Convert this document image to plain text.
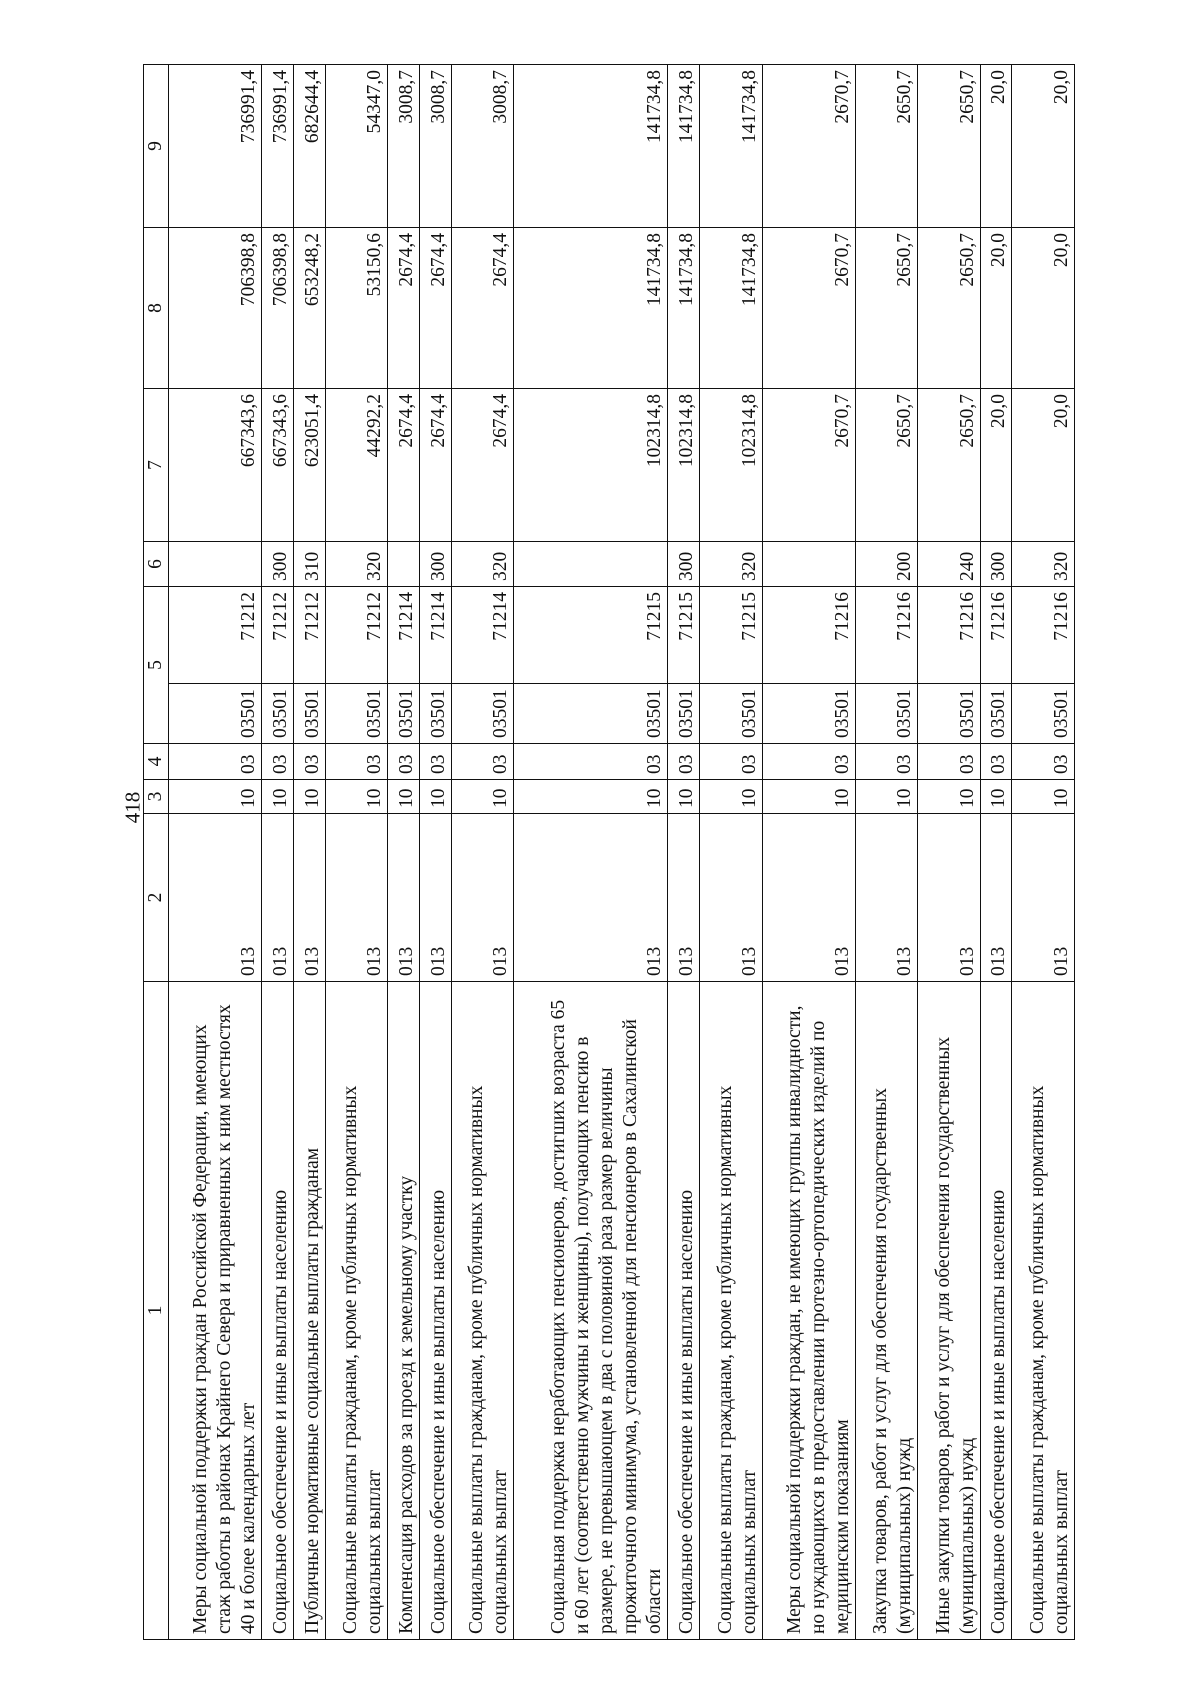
418
1	2	3	4	5		6	7	8	9
Меры социальной поддержки граждан Российской Федерации, имеющих стаж работы в районах Крайнего Севера и приравненных к ним местностях 40 и более календарных лет	013	10	03	03501	71212		667343,6	706398,8	736991,4
Социальное обеспечение и иные выплаты населению	013	10	03	03501	71212	300	667343,6	706398,8	736991,4
Публичные нормативные социальные выплаты гражданам	013	10	03	03501	71212	310	623051,4	653248,2	682644,4
Социальные выплаты гражданам, кроме публичных нормативных социальных выплат	013	10	03	03501	71212	320	44292,2	53150,6	54347,0
Компенсация расходов за проезд к земельному участку	013	10	03	03501	71214		2674,4	2674,4	3008,7
Социальное обеспечение и иные выплаты населению	013	10	03	03501	71214	300	2674,4	2674,4	3008,7
Социальные выплаты гражданам, кроме публичных нормативных социальных выплат	013	10	03	03501	71214	320	2674,4	2674,4	3008,7
Социальная поддержка неработающих пенсионеров, достигших возраста 65 и 60 лет (соответственно мужчины и женщины), получающих пенсию в размере, не превышающем в два с половиной раза размер величины прожиточного минимума, установленной для пенсионеров в Сахалинской области	013	10	03	03501	71215		102314,8	141734,8	141734,8
Социальное обеспечение и иные выплаты населению	013	10	03	03501	71215	300	102314,8	141734,8	141734,8
Социальные выплаты гражданам, кроме публичных нормативных социальных выплат	013	10	03	03501	71215	320	102314,8	141734,8	141734,8
Меры социальной поддержки граждан, не имеющих группы инвалидности, но нуждающихся в предоставлении протезно-ортопедических изделий по медицинским показаниям	013	10	03	03501	71216		2670,7	2670,7	2670,7
Закупка товаров, работ и услуг для обеспечения государственных (муниципальных) нужд	013	10	03	03501	71216	200	2650,7	2650,7	2650,7
Иные закупки товаров, работ и услуг для обеспечения государственных (муниципальных) нужд	013	10	03	03501	71216	240	2650,7	2650,7	2650,7
Социальное обеспечение и иные выплаты населению	013	10	03	03501	71216	300	20,0	20,0	20,0
Социальные выплаты гражданам, кроме публичных нормативных социальных выплат	013	10	03	03501	71216	320	20,0	20,0	20,0
